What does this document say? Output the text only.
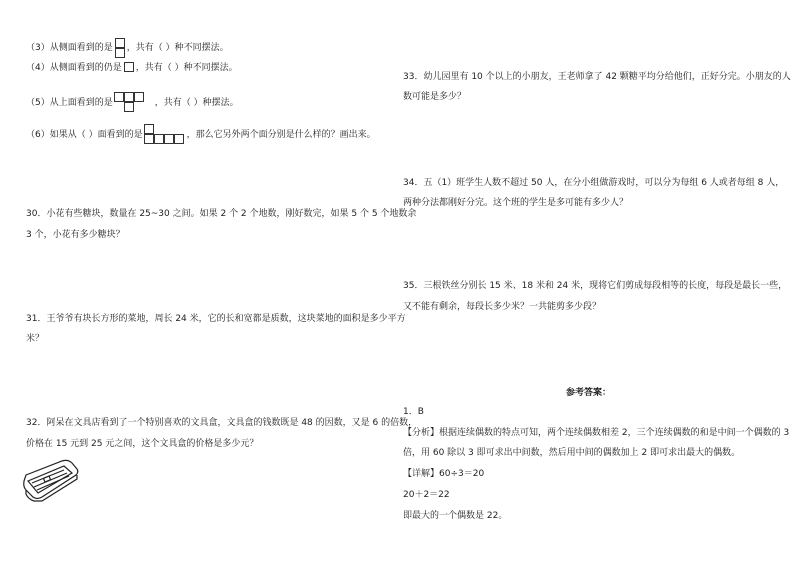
（3）从侧面看到的是 ，共有（ ）种不同摆法。
（4）从侧面看到的仍是 ，共有（ ）种不同摆法。
（5）从上面看到的是	，共有（ ）种摆法。
（6）如果从（ ）面看到的是	，那么它另外两个面分别是什么样的？画出来。
30．小花有些糖块，数量在 25~30 之间。如果 2 个 2 个地数，刚好数完，如果 5 个 5 个地数余
3 个，小花有多少糖块？
31．王爷爷有块长方形的菜地，周长 24 米，它的长和宽都是质数，这块菜地的面积是多少平方
米？
32．阿呆在文具店看到了一个特别喜欢的文具盒，文具盒的钱数既是 48 的因数，又是 6 的倍数，
价格在 15 元到 25 元之间，这个文具盒的价格是多少元？
33．幼儿园里有 10 个以上的小朋友，王老师拿了 42 颗糖平均分给他们，正好分完。小朋友的人
数可能是多少？
34．五（1）班学生人数不超过 50 人，在分小组做游戏时，可以分为每组 6 人或者每组 8 人，
两种分法都刚好分完。这个班的学生是多可能有多少人？
35．三根铁丝分别长 15 米、18 米和 24 米，现将它们剪成每段相等的长度，每段是最长一些，
又不能有剩余，每段长多少米？一共能剪多少段？
参考答案：
1．B
【分析】根据连续偶数的特点可知，两个连续偶数相差 2，三个连续偶数的和是中间一个偶数的 3
倍，用 60 除以 3 即可求出中间数，然后用中间的偶数加上 2 即可求出最大的偶数。
【详解】60÷3＝20
20＋2＝22
即最大的一个偶数是 22。
